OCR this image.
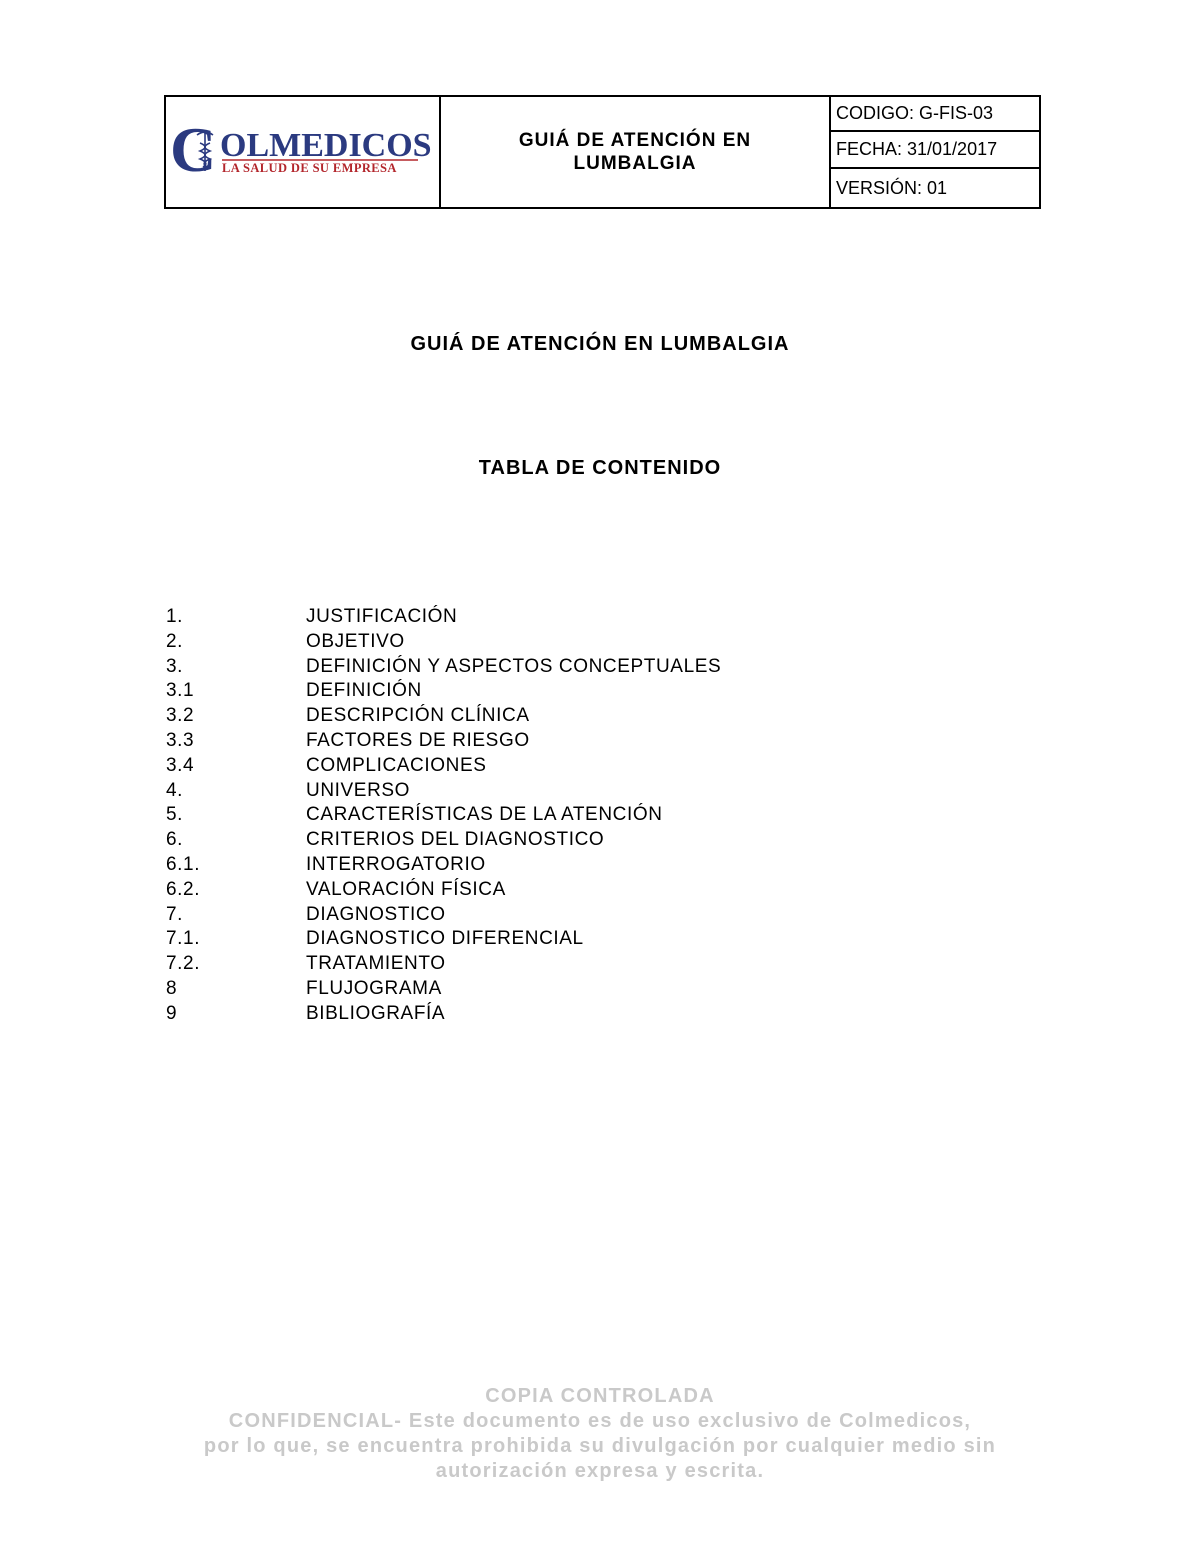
C OLMEDICOS
LA SALUD DE SU EMPRESA
GUIÁ DE ATENCIÓN EN
LUMBALGIA
CODIGO: G-FIS-03
FECHA: 31/01/2017
VERSIÓN: 01
GUIÁ DE ATENCIÓN EN LUMBALGIA
TABLA DE CONTENIDO
1.	JUSTIFICACIÓN
2.	OBJETIVO
3.	DEFINICIÓN Y ASPECTOS CONCEPTUALES
3.1	DEFINICIÓN
3.2	DESCRIPCIÓN CLÍNICA
3.3	FACTORES DE RIESGO
3.4	COMPLICACIONES
4.	UNIVERSO
5.	CARACTERÍSTICAS DE LA ATENCIÓN
6.	CRITERIOS DEL DIAGNOSTICO
6.1.	INTERROGATORIO
6.2.	VALORACIÓN FÍSICA
7.	DIAGNOSTICO
7.1.	DIAGNOSTICO DIFERENCIAL
7.2.	TRATAMIENTO
8	FLUJOGRAMA
9	BIBLIOGRAFÍA
COPIA CONTROLADA
CONFIDENCIAL- Este documento es de uso exclusivo de Colmedicos,
por lo que, se encuentra prohibida su divulgación por cualquier medio sin
autorización expresa y escrita.
